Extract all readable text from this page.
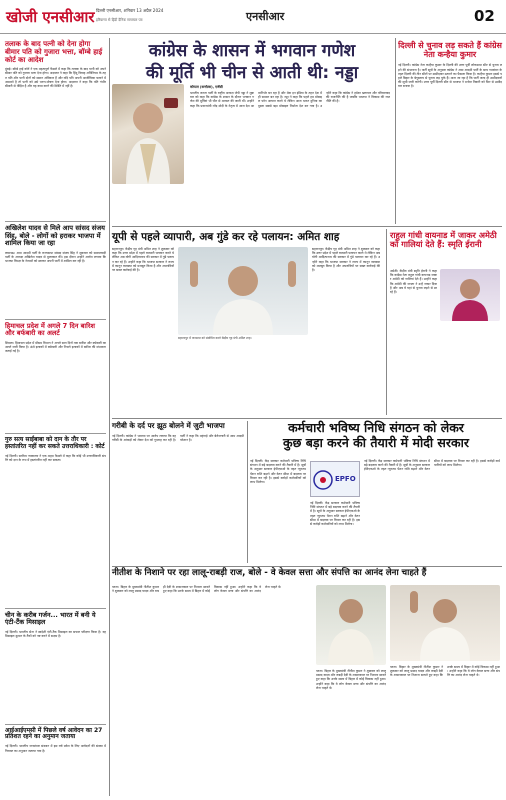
खोजी एनसीआर दिल्ली एनसीआर, शनिवार 13 अप्रैल 2024
हरियाणा से हिंदी दैनिक समाचार पत्र	एनसीआर	02
तलाक के बाद पत्नी को देना होगा बीमार पति को गुजारा भत्ता, बॉम्बे हाई कोर्ट का आदेश
मुंबई। बॉम्बे हाई कोर्ट ने एक महत्वपूर्ण फैसले में कहा कि तलाक के बाद पत्नी को अपने बीमार पति को गुजारा भत्ता देना होगा। अदालत ने कहा कि हिंदू विवाह अधिनियम के तहत पति और पत्नी दोनों को समान अधिकार हैं और यदि पति अपनी आजीविका चलाने में असमर्थ है तो पत्नी को उसे भरण-पोषण देना होगा। अदालत ने कहा कि पति गंभीर बीमारी से पीड़ित है और वह काम करने की स्थिति में नहीं है।
अखिलेश यादव से मिले आप सांसद संजय सिंह, बोले - लोगों को हराकर भाजपा में शामिल किया जा रहा
लखनऊ। आम आदमी पार्टी के राज्यसभा सांसद संजय सिंह ने शुक्रवार को समाजवादी पार्टी के अध्यक्ष अखिलेश यादव से मुलाकात की। इस दौरान उन्होंने आरोप लगाया कि भाजपा विपक्ष के नेताओं को डराकर अपनी पार्टी में शामिल कर रही है।
हिमाचल प्रदेश में अगले 7 दिन बारिश और बर्फबारी का अलर्ट
शिमला। हिमाचल प्रदेश में मौसम विभाग ने अगले सात दिनों तक बारिश और बर्फबारी का अलर्ट जारी किया है। ऊंचे इलाकों में बर्फबारी और निचले इलाकों में बारिश की संभावना जताई गई है।
गुरु सत्य साईंबाबा को दान के तौर पर हस्तांतरित नहीं कर सकते उत्तराधिकारी : कोर्ट
नई दिल्ली। सर्वोच्च न्यायालय ने एक अहम फैसले में कहा कि कोई भी उत्तराधिकारी संपत्ति को दान के रूप में हस्तांतरित नहीं कर सकता।
चीन के करीब गर्जन... भारत में बनी ये एंटी-टैंक मिसाइल
नई दिल्ली। भारतीय सेना ने स्वदेशी एंटी-टैंक मिसाइल का सफल परीक्षण किया है। यह मिसाइल दुश्मन के टैंकों को नष्ट करने में सक्षम है।
आईआईएमसी में पिछले वर्ष आवेदन का 27 प्रतिशत रहने का अनुमान जताया
नई दिल्ली। भारतीय जनसंचार संस्थान में इस वर्ष प्रवेश के लिए आवेदनों की संख्या में गिरावट का अनुमान जताया गया है।
कांग्रेस के शासन में भगवान गणेश
की मूर्ति भी चीन से आती थी: नड्डा
कोप्पल (कर्नाटक), एजेंसी
भारतीय जनता पार्टी के राष्ट्रीय अध्यक्ष जेपी नड्डा ने शुक्रवार को कहा कि कांग्रेस के शासन के दौरान भगवान गणेश की मूर्तियां भी चीन से आयात की जाती थीं। उन्होंने कहा कि प्रधानमंत्री नरेंद्र मोदी के नेतृत्व में आज देश आत्मनिर्भर बन रहा है और मेक इन इंडिया के तहत देश में ही सामान बन रहा है। नड्डा ने कहा कि पहले हम मोबाइल फोन आयात करते थे लेकिन आज भारत दुनिया का दूसरा सबसे बड़ा मोबाइल निर्माता देश बन गया है। उन्होंने कहा कि कांग्रेस ने हमेशा भ्रष्टाचार और परिवारवाद की राजनीति की है जबकि भाजपा ने विकास की राजनीति की है।
दिल्ली से चुनाव लड़ सकते हैं कांग्रेस नेता कन्हैया कुमार
नई दिल्ली। कांग्रेस नेता कन्हैया कुमार के दिल्ली की उत्तर पूर्वी लोकसभा सीट से चुनाव लड़ने की संभावना है। पार्टी सूत्रों के अनुसार कांग्रेस ने आम आदमी पार्टी के साथ गठबंधन के तहत दिल्ली की तीन सीटों पर उम्मीदवार उतारने का फैसला किया है। कन्हैया कुमार इससे पहले बिहार के बेगूसराय से चुनाव लड़ चुके हैं। माना जा रहा है कि पार्टी जल्द ही उम्मीदवारों की सूची जारी करेगी। उत्तर पूर्वी दिल्ली सीट से भाजपा ने मनोज तिवारी को फिर से उम्मीदवार बनाया है।
यूपी से पहले व्यापारी, अब गुंडे कर रहे पलायन: अमित शाह
सहारनपुर। केंद्रीय गृह मंत्री अमित शाह ने शुक्रवार को कहा कि उत्तर प्रदेश में पहले व्यापारी पलायन करते थे लेकिन अब योगी आदित्यनाथ की सरकार में गुंडे पलायन कर रहे हैं। उन्होंने कहा कि भाजपा सरकार ने राज्य में कानून व्यवस्था को मजबूत किया है और अपराधियों पर सख्त कार्रवाई की है।
सहारनपुर में जनसभा को संबोधित करते केंद्रीय गृह मंत्री अमित शाह।
सहारनपुर। केंद्रीय गृह मंत्री अमित शाह ने शुक्रवार को कहा कि उत्तर प्रदेश में पहले व्यापारी पलायन करते थे लेकिन अब योगी आदित्यनाथ की सरकार में गुंडे पलायन कर रहे हैं। उन्होंने कहा कि भाजपा सरकार ने राज्य में कानून व्यवस्था को मजबूत किया है और अपराधियों पर सख्त कार्रवाई की है।
राहुल गांधी वायनाड में जाकर अमेठी को गालियां देते हैं: स्मृति ईरानी
अमेठी। केंद्रीय मंत्री स्मृति ईरानी ने कहा कि कांग्रेस नेता राहुल गांधी वायनाड जाकर अमेठी को गालियां देते हैं। उन्होंने कहा कि अमेठी की जनता ने उन्हें नकार दिया है और अब वे यहां से चुनाव लड़ने से डर रहे हैं।
गरीबी के दर्द पर झूठ बोलने में जुटी भाजपा
नई दिल्ली। कांग्रेस ने भाजपा पर आरोप लगाया कि वह गरीबी के आंकड़ों को लेकर देश को गुमराह कर रही है। पार्टी ने कहा कि महंगाई और बेरोजगारी से आम आदमी परेशान है।
कर्मचारी भविष्य निधि संगठन को लेकर
कुछ बड़ा करने की तैयारी में मोदी सरकार
नई दिल्ली। केंद्र सरकार कर्मचारी भविष्य निधि संगठन में बड़े बदलाव करने की तैयारी में है। सूत्रों के अनुसार सरकार ईपीएफओ के तहत न्यूनतम पेंशन राशि बढ़ाने और वेतन सीमा में बदलाव पर विचार कर रही है। इससे करोड़ों कर्मचारियों को लाभ मिलेगा।	EPFO
नई दिल्ली। केंद्र सरकार कर्मचारी भविष्य निधि संगठन में बड़े बदलाव करने की तैयारी में है। सूत्रों के अनुसार सरकार ईपीएफओ के तहत न्यूनतम पेंशन राशि बढ़ाने और वेतन सीमा में बदलाव पर विचार कर रही है। इससे करोड़ों कर्मचारियों को लाभ मिलेगा।
नई दिल्ली। केंद्र सरकार कर्मचारी भविष्य निधि संगठन में बड़े बदलाव करने की तैयारी में है। सूत्रों के अनुसार सरकार ईपीएफओ के तहत न्यूनतम पेंशन राशि बढ़ाने और वेतन सीमा में बदलाव पर विचार कर रही है। इससे करोड़ों कर्मचारियों को लाभ मिलेगा।
नीतीश के निशाने पर रहा लालू-राबड़ी राज, बोले - वे केवल सत्ता और संपत्ति का आनंद लेना चाहते हैं
पटना। बिहार के मुख्यमंत्री नीतीश कुमार ने शुक्रवार को लालू प्रसाद यादव और राबड़ी देवी के शासनकाल पर निशाना साधते हुए कहा कि उनके समय में बिहार में कोई विकास नहीं हुआ। उन्होंने कहा कि वे लोग केवल सत्ता और संपत्ति का आनंद लेना चाहते थे।
पटना। बिहार के मुख्यमंत्री नीतीश कुमार ने शुक्रवार को लालू प्रसाद यादव और राबड़ी देवी के शासनकाल पर निशाना साधते हुए कहा कि उनके समय में बिहार में कोई विकास नहीं हुआ। उन्होंने कहा कि वे लोग केवल सत्ता और संपत्ति का आनंद लेना चाहते थे।
पटना। बिहार के मुख्यमंत्री नीतीश कुमार ने शुक्रवार को लालू प्रसाद यादव और राबड़ी देवी के शासनकाल पर निशाना साधते हुए कहा कि उनके समय में बिहार में कोई विकास नहीं हुआ। उन्होंने कहा कि वे लोग केवल सत्ता और संपत्ति का आनंद लेना चाहते थे।
